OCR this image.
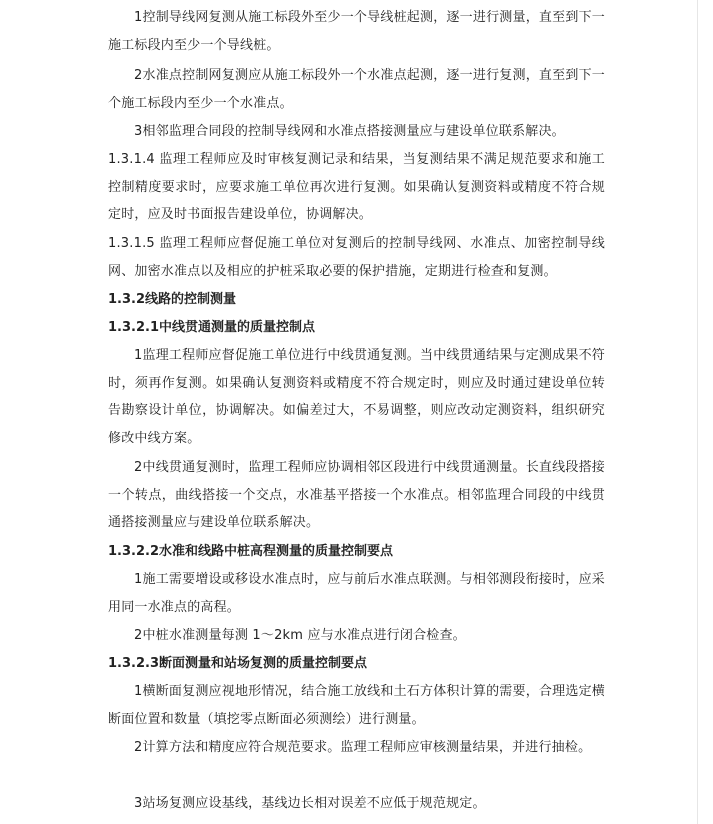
1控制导线网复测从施工标段外至少一个导线桩起测，逐一进行测量，直至到下一施工标段内至少一个导线桩。

2水准点控制网复测应从施工标段外一个水准点起测，逐一进行复测，直至到下一个施工标段内至少一个水准点。

3相邻监理合同段的控制导线网和水准点搭接测量应与建设单位联系解决。

1.3.1.4 监理工程师应及时审核复测记录和结果，当复测结果不满足规范要求和施工控制精度要求时，应要求施工单位再次进行复测。如果确认复测资料或精度不符合规定时，应及时书面报告建设单位，协调解决。

1.3.1.5 监理工程师应督促施工单位对复测后的控制导线网、水准点、加密控制导线网、加密水准点以及相应的护桩采取必要的保护措施，定期进行检查和复测。

1.3.2线路的控制测量
1.3.2.1中线贯通测量的质量控制点

1监理工程师应督促施工单位进行中线贯通复测。当中线贯通结果与定测成果不符时，须再作复测。如果确认复测资料或精度不符合规定时，则应及时通过建设单位转告勘察设计单位，协调解决。如偏差过大，不易调整，则应改动定测资料，组织研究修改中线方案。

2中线贯通复测时，监理工程师应协调相邻区段进行中线贯通测量。长直线段搭接一个转点，曲线搭接一个交点，水准基平搭接一个水准点。相邻监理合同段的中线贯通搭接测量应与建设单位联系解决。

1.3.2.2水准和线路中桩高程测量的质量控制要点

1施工需要增设或移设水准点时，应与前后水准点联测。与相邻测段衔接时，应采用同一水准点的高程。

2中桩水准测量每测 1～2km 应与水准点进行闭合检查。

1.3.2.3断面测量和站场复测的质量控制要点

1横断面复测应视地形情况，结合施工放线和土石方体积计算的需要，合理选定横断面位置和数量（填挖零点断面必须测绘）进行测量。

2计算方法和精度应符合规范要求。监理工程师应审核测量结果，并进行抽检。

3站场复测应设基线，基线边长相对误差不应低于规范规定。
